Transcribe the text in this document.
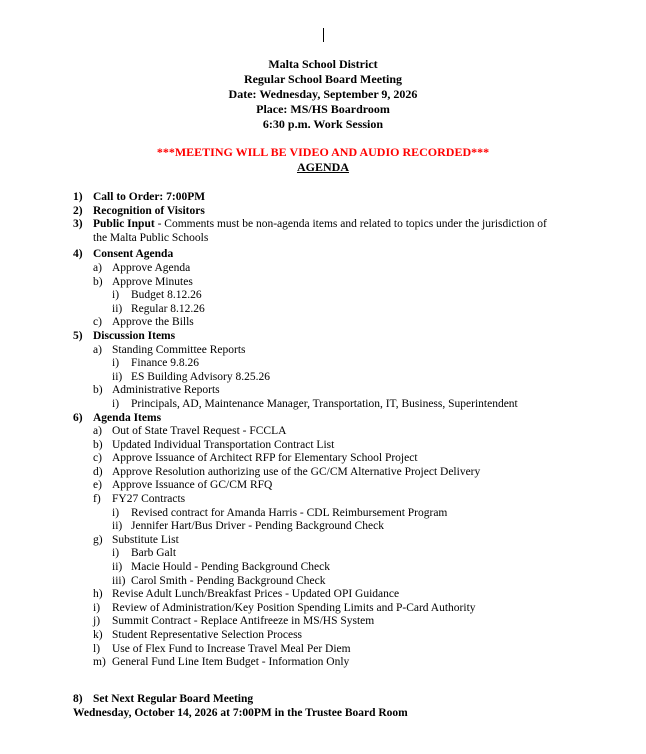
Malta School District
Regular School Board Meeting
Date: Wednesday, September 9, 2026
Place: MS/HS Boardroom
6:30 p.m. Work Session
***MEETING WILL BE VIDEO AND AUDIO RECORDED***
AGENDA
1) Call to Order: 7:00PM
2) Recognition of Visitors
3) Public Input - Comments must be non-agenda items and related to topics under the jurisdiction of
the Malta Public Schools
4) Consent Agenda
a) Approve Agenda
b) Approve Minutes
i) Budget 8.12.26
ii) Regular 8.12.26
c) Approve the Bills
5) Discussion Items
a) Standing Committee Reports
i) Finance 9.8.26
ii) ES Building Advisory 8.25.26
b) Administrative Reports
i) Principals, AD, Maintenance Manager, Transportation, IT, Business, Superintendent
6) Agenda Items
a) Out of State Travel Request - FCCLA
b) Updated Individual Transportation Contract List
c) Approve Issuance of Architect RFP for Elementary School Project
d) Approve Resolution authorizing use of the GC/CM Alternative Project Delivery
e) Approve Issuance of GC/CM RFQ
f) FY27 Contracts
i) Revised contract for Amanda Harris - CDL Reimbursement Program
ii) Jennifer Hart/Bus Driver - Pending Background Check
g) Substitute List
i) Barb Galt
ii) Macie Hould - Pending Background Check
iii) Carol Smith - Pending Background Check
h) Revise Adult Lunch/Breakfast Prices - Updated OPI Guidance
i) Review of Administration/Key Position Spending Limits and P-Card Authority
j) Summit Contract - Replace Antifreeze in MS/HS System
k) Student Representative Selection Process
l) Use of Flex Fund to Increase Travel Meal Per Diem
m) General Fund Line Item Budget - Information Only
8) Set Next Regular Board Meeting
Wednesday, October 14, 2026 at 7:00PM in the Trustee Board Room
